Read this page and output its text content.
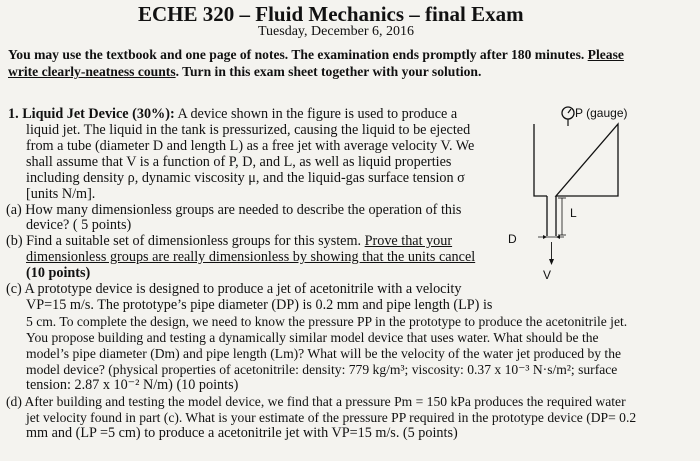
ECHE 320 – Fluid Mechanics – final Exam
Tuesday, December 6, 2016
You may use the textbook and one page of notes. The examination ends promptly after 180 minutes. Please
write clearly-neatness counts. Turn in this exam sheet together with your solution.
1. Liquid Jet Device (30%): A device shown in the figure is used to produce a
liquid jet. The liquid in the tank is pressurized, causing the liquid to be ejected
from a tube (diameter D and length L) as a free jet with average velocity V. We
shall assume that V is a function of P, D, and L, as well as liquid properties
including density ρ, dynamic viscosity μ, and the liquid-gas surface tension σ
[units N/m].
(a) How many dimensionless groups are needed to describe the operation of this
device? ( 5 points)
(b) Find a suitable set of dimensionless groups for this system. Prove that your
dimensionless groups are really dimensionless by showing that the units cancel
(10 points)
(c) A prototype device is designed to produce a jet of acetonitrile with a velocity
VP=15 m/s. The prototype’s pipe diameter (DP) is 0.2 mm and pipe length (LP) is
5 cm. To complete the design, we need to know the pressure PP in the prototype to produce the acetonitrile jet.
You propose building and testing a dynamically similar model device that uses water. What should be the
model’s pipe diameter (Dm) and pipe length (Lm)? What will be the velocity of the water jet produced by the
model device? (physical properties of acetonitrile: density: 779 kg/m³; viscosity: 0.37 x 10⁻³ N·s/m²; surface
tension: 2.87 x 10⁻² N/m) (10 points)
(d) After building and testing the model device, we find that a pressure Pm = 150 kPa produces the required water
jet velocity found in part (c). What is your estimate of the pressure PP required in the prototype device (DP= 0.2
mm and (LP =5 cm) to produce a acetonitrile jet with VP=15 m/s. (5 points)
P (gauge)
L
D
V
